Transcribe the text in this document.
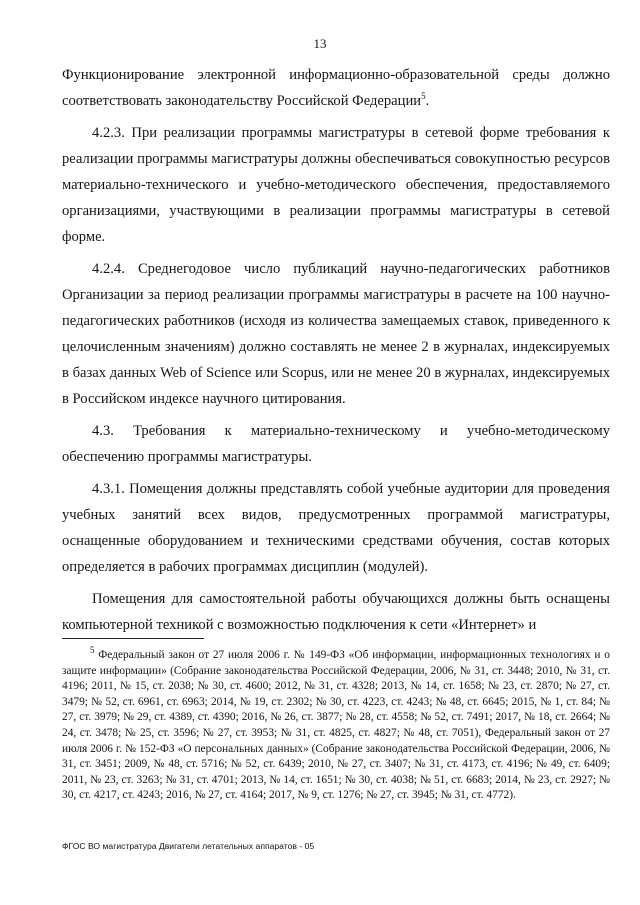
13

Функционирование электронной информационно-образовательной среды должно соответствовать законодательству Российской Федерации$^5$.

4.2.3. При реализации программы магистратуры в сетевой форме требования к реализации программы магистратуры должны обеспечиваться совокупностью ресурсов материально-технического и учебно-методического обеспечения, предоставляемого организациями, участвующими в реализации программы магистратуры в сетевой форме.

4.2.4. Среднегодовое число публикаций научно-педагогических работников Организации за период реализации программы магистратуры в расчете на 100 научно-педагогических работников (исходя из количества замещаемых ставок, приведенного к целочисленным значениям) должно составлять не менее 2 в журналах, индексируемых в базах данных Web of Science или Scopus, или не менее 20 в журналах, индексируемых в Российском индексе научного цитирования.

4.3. Требования к материально-техническому и учебно-методическому обеспечению программы магистратуры.

4.3.1. Помещения должны представлять собой учебные аудитории для проведения учебных занятий всех видов, предусмотренных программой магистратуры, оснащенные оборудованием и техническими средствами обучения, состав которых определяется в рабочих программах дисциплин (модулей).

Помещения для самостоятельной работы обучающихся должны быть оснащены компьютерной техникой с возможностью подключения к сети «Интернет» и

$^5$ Федеральный закон от 27 июля 2006 г. № 149-ФЗ «Об информации, информационных технологиях и о защите информации» (Собрание законодательства Российской Федерации, 2006, № 31, ст. 3448; 2010, № 31, ст. 4196; 2011, № 15, ст. 2038; № 30, ст. 4600; 2012, № 31, ст. 4328; 2013, № 14, ст. 1658; № 23, ст. 2870; № 27, ст. 3479; № 52, ст. 6961, ст. 6963; 2014, № 19, ст. 2302; № 30, ст. 4223, ст. 4243; № 48, ст. 6645; 2015, № 1, ст. 84; № 27, ст. 3979; № 29, ст. 4389, ст. 4390; 2016, № 26, ст. 3877; № 28, ст. 4558; № 52, ст. 7491; 2017, № 18, ст. 2664; № 24, ст. 3478; № 25, ст. 3596; № 27, ст. 3953; № 31, ст. 4825, ст. 4827; № 48, ст. 7051), Федеральный закон от 27 июля 2006 г. № 152-ФЗ «О персональных данных» (Собрание законодательства Российской Федерации, 2006, № 31, ст. 3451; 2009, № 48, ст. 5716; № 52, ст. 6439; 2010, № 27, ст. 3407; № 31, ст. 4173, ст. 4196; № 49, ст. 6409; 2011, № 23, ст. 3263; № 31, ст. 4701; 2013, № 14, ст. 1651; № 30, ст. 4038; № 51, ст. 6683; 2014, № 23, ст. 2927; № 30, ст. 4217, ст. 4243; 2016, № 27, ст. 4164; 2017, № 9, ст. 1276; № 27, ст. 3945; № 31, ст. 4772).
ФГОС ВО магистратура Двигатели летательных аппаратов - 05
